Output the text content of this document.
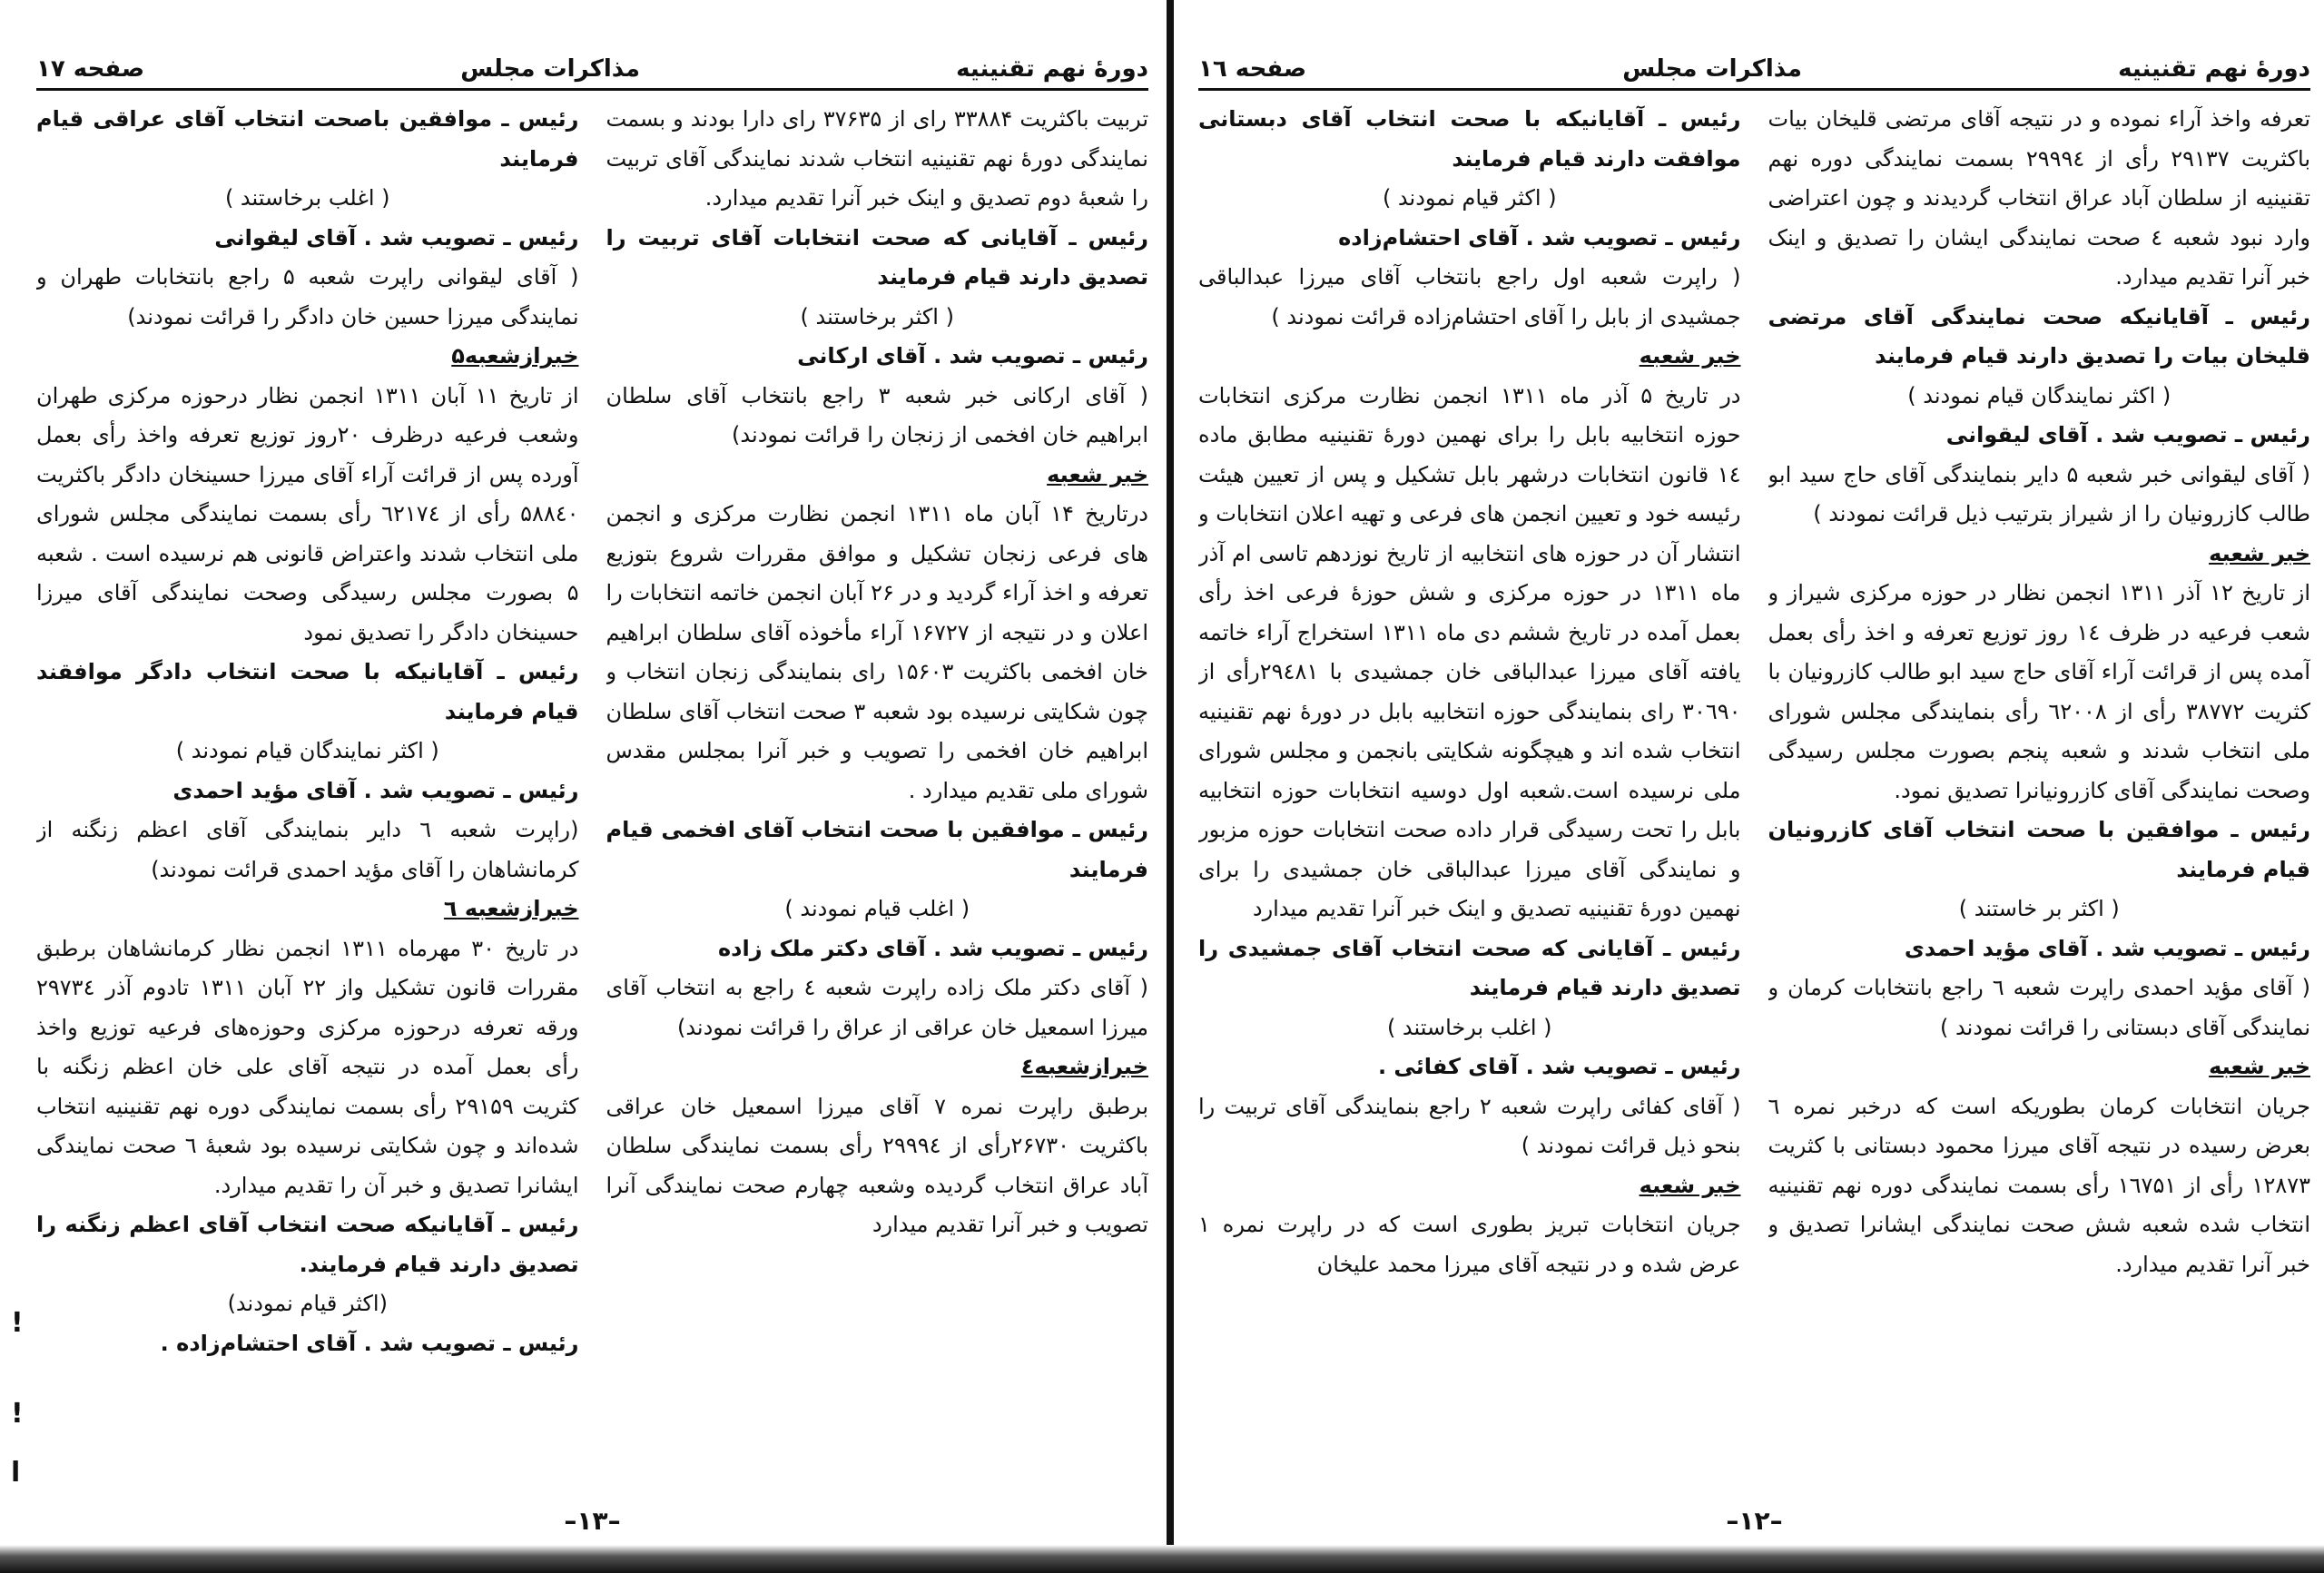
دورهٔ نهم تقنینیه
مذاکرات مجلس
صفحه ۱۷

تربیت باکثریت ۳۳۸۸۴ رای از ۳۷۶۳۵ رای دارا بودند و بسمت نمایندگی دورهٔ نهم تقنینیه انتخاب شدند نمایندگی آقای تربیت را شعبهٔ دوم تصدیق و اینک خبر آنرا تقدیم میدارد.

رئیس ـ آقایانی که صحت انتخابات آقای تربیت را تصدیق دارند قیام فرمایند

( اکثر برخاستند )

رئیس ـ تصویب شد . آقای ارکانی

( آقای ارکانی خبر شعبه ۳ راجع بانتخاب آقای سلطان ابراهیم خان افخمی از زنجان را قرائت نمودند)

خبر شعبه

درتاریخ ۱۴ آبان ماه ۱۳۱۱ انجمن نظارت مرکزی و انجمن های فرعی زنجان تشکیل و موافق مقررات شروع بتوزیع تعرفه و اخذ آراء گردید و در ۲۶ آبان انجمن خاتمه انتخابات را اعلان و در نتیجه از ۱۶۷۲۷ آراء مأخوذه آقای سلطان ابراهیم خان افخمی باکثریت ۱۵۶۰۳ رای بنمایندگی زنجان انتخاب و چون شکایتی نرسیده بود شعبه ۳ صحت انتخاب آقای سلطان ابراهیم خان افخمی را تصویب و خبر آنرا بمجلس مقدس شورای ملی تقدیم میدارد .

رئیس ـ موافقین با صحت انتخاب آقای افخمی قیام فرمایند

( اغلب قیام نمودند )

رئیس ـ تصویب شد . آقای دکتر ملک زاده

( آقای دکتر ملک زاده راپرت شعبه ٤ راجع به انتخاب آقای میرزا اسمعیل خان عراقی از عراق را قرائت نمودند)

خبرازشعبه٤

برطبق راپرت نمره ۷ آقای میرزا اسمعیل خان عراقی باکثریت ۲۶۷۳۰رأی از ۲۹۹۹٤ رأی بسمت نمایندگی سلطان آباد عراق انتخاب گردیده وشعبه چهارم صحت نمایندگی آنرا تصویب و خبر آنرا تقدیم میدارد

رئیس ـ موافقین باصحت انتخاب آقای عراقی قیام فرمایند

( اغلب برخاستند )

رئیس ـ تصویب شد . آقای لیقوانی

( آقای لیقوانی راپرت شعبه ۵ راجع بانتخابات طهران و نمایندگی میرزا حسین خان دادگر را قرائت نمودند)

خبرازشعبه۵

از تاریخ ۱۱ آبان ۱۳۱۱ انجمن نظار درحوزه مرکزی طهران وشعب فرعیه درظرف ۲۰روز توزیع تعرفه واخذ رأی بعمل آورده پس از قرائت آراء آقای میرزا حسینخان دادگر باکثریت ۵۸۸٤۰ رأی از ٦۲۱۷٤ رأی بسمت نمایندگی مجلس شورای ملی انتخاب شدند واعتراض قانونی هم نرسیده است . شعبه ۵ بصورت مجلس رسیدگی وصحت نمایندگی آقای میرزا حسینخان دادگر را تصدیق نمود

رئیس ـ آقایانیکه با صحت انتخاب دادگر موافقند قیام فرمایند

( اکثر نمایندگان قیام نمودند )

رئیس ـ تصویب شد . آقای مؤید احمدی

(راپرت شعبه ٦ دایر بنمایندگی آقای اعظم زنگنه از کرمانشاهان را آقای مؤید احمدی قرائت نمودند)

خبرازشعبه ٦

در تاریخ ۳۰ مهرماه ۱۳۱۱ انجمن نظار کرمانشاهان برطبق مقررات قانون تشکیل واز ۲۲ آبان ۱۳۱۱ تادوم آذر ۲۹۷۳٤ ورقه تعرفه درحوزه مرکزی وحوزه‌های فرعیه توزیع واخذ رأی بعمل آمده در نتیجه آقای علی خان اعظم زنگنه با کثریت ۲۹۱۵۹ رأی بسمت نمایندگی دوره نهم تقنینیه انتخاب شده‌اند و چون شکایتی نرسیده بود شعبهٔ ٦ صحت نمایندگی ایشانرا تصدیق و خبر آن را تقدیم میدارد.

رئیس ـ آقایانیکه صحت انتخاب آقای اعظم زنگنه را تصدیق دارند قیام فرمایند.

(اکثر قیام نمودند)

رئیس ـ تصویب شد . آقای احتشام‌زاده .

–۱۳–
!
!
ا
دورهٔ نهم تقنینیه
مذاکرات مجلس
صفحه ۱٦

تعرفه واخذ آراء نموده و در نتیجه آقای مرتضی قلیخان بیات باکثریت ۲۹۱۳۷ رأی از ۲۹۹۹٤ بسمت نمایندگی دوره نهم تقنینیه از سلطان آباد عراق انتخاب گردیدند و چون اعتراضی وارد نبود شعبه ٤ صحت نمایندگی ایشان را تصدیق و اینک خبر آنرا تقدیم میدارد.

رئیس ـ آقایانیکه صحت نمایندگی آقای مرتضی قلیخان بیات را تصدیق دارند قیام فرمایند

( اکثر نمایندگان قیام نمودند )

رئیس ـ تصویب شد . آقای لیقوانی

( آقای لیقوانی خبر شعبه ۵ دایر بنمایندگی آقای حاج سید ابو طالب کازرونیان را از شیراز بترتیب ذیل قرائت نمودند )

خبر شعبه

از تاریخ ۱۲ آذر ۱۳۱۱ انجمن نظار در حوزه مرکزی شیراز و شعب فرعیه در ظرف ۱٤ روز توزیع تعرفه و اخذ رأی بعمل آمده پس از قرائت آراء آقای حاج سید ابو طالب کازرونیان با کثریت ۳۸۷۷۲ رأی از ٦۲۰۰۸ رأی بنمایندگی مجلس شورای ملی انتخاب شدند و شعبه پنجم بصورت مجلس رسیدگی وصحت نمایندگی آقای کازرونیانرا تصدیق نمود.

رئیس ـ موافقین با صحت انتخاب آقای کازرونیان قیام فرمایند

( اکثر بر خاستند )

رئیس ـ تصویب شد . آقای مؤید احمدی

( آقای مؤید احمدی راپرت شعبه ٦ راجع بانتخابات کرمان و نمایندگی آقای دبستانی را قرائت نمودند )

خبر شعبه

جریان انتخابات کرمان بطوریکه است که درخبر نمره ٦ بعرض رسیده در نتیجه آقای میرزا محمود دبستانی با کثریت ۱۲۸۷۳ رأی از ۱٦۷۵۱ رأی بسمت نمایندگی دوره نهم تقنینیه انتخاب شده شعبه شش صحت نمایندگی ایشانرا تصدیق و خبر آنرا تقدیم میدارد.

رئیس ـ آقایانیکه با صحت انتخاب آقای دبستانی موافقت دارند قیام فرمایند

( اکثر قیام نمودند )

رئیس ـ تصویب شد . آقای احتشام‌زاده

( راپرت شعبه اول راجع بانتخاب آقای میرزا عبدالباقی جمشیدی از بابل را آقای احتشام‌زاده قرائت نمودند )

خبر شعبه

در تاریخ ۵ آذر ماه ۱۳۱۱ انجمن نظارت مرکزی انتخابات حوزه انتخابیه بابل را برای نهمین دورهٔ تقنینیه مطابق ماده ۱٤ قانون انتخابات درشهر بابل تشکیل و پس از تعیین هیئت رئیسه خود و تعیین انجمن های فرعی و تهیه اعلان انتخابات و انتشار آن در حوزه های انتخابیه از تاریخ نوزدهم تاسی ام آذر ماه ۱۳۱۱ در حوزه مرکزی و شش حوزهٔ فرعی اخذ رأی بعمل آمده در تاریخ ششم دی ماه ۱۳۱۱ استخراج آراء خاتمه یافته آقای میرزا عبدالباقی خان جمشیدی با ۲۹٤۸۱رأی از ۳۰٦۹۰ رای بنمایندگی حوزه انتخابیه بابل در دورهٔ نهم تقنینیه انتخاب شده اند و هیچگونه شکایتی بانجمن و مجلس شورای ملی نرسیده است.شعبه اول دوسیه انتخابات حوزه انتخابیه بابل را تحت رسیدگی قرار داده صحت انتخابات حوزه مزبور و نمایندگی آقای میرزا عبدالباقی خان جمشیدی را برای نهمین دورهٔ تقنینیه تصدیق و اینک خبر آنرا تقدیم میدارد

رئیس ـ آقایانی که صحت انتخاب آقای جمشیدی را تصدیق دارند قیام فرمایند

( اغلب برخاستند )

رئیس ـ تصویب شد . آقای کفائی .

( آقای کفائی راپرت شعبه ۲ راجع بنمایندگی آقای تربیت را بنحو ذیل قرائت نمودند )

خبر شعبه

جریان انتخابات تبریز بطوری است که در راپرت نمره ۱ عرض شده و در نتیجه آقای میرزا محمد علیخان

–۱۲–
